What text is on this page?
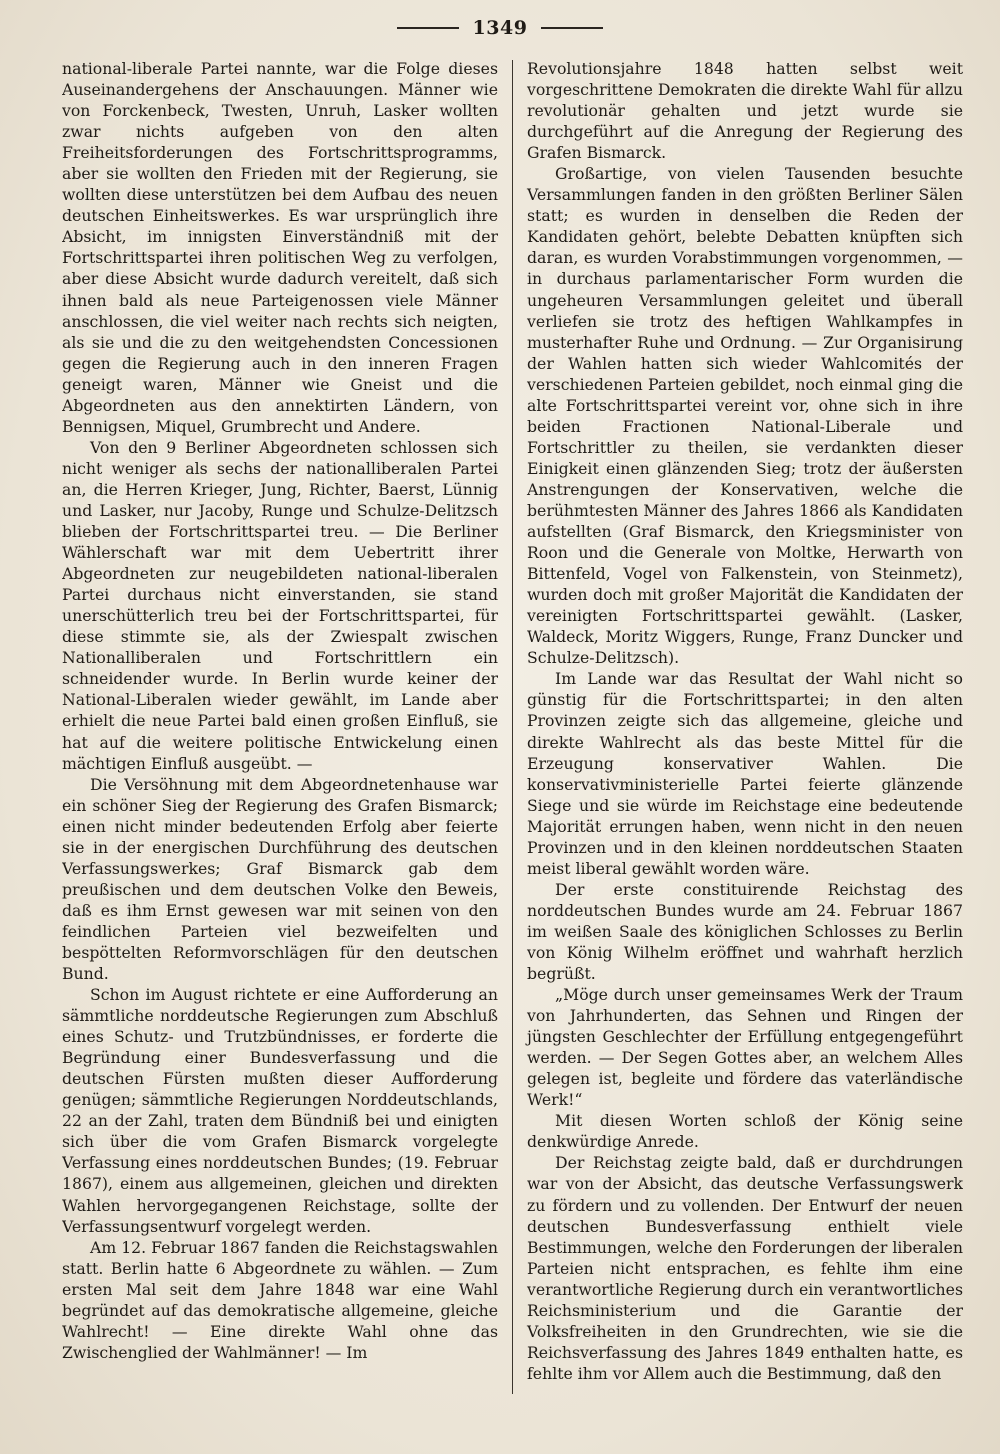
1349

national-liberale Partei nannte, war die Folge dieses Auseinandergehens der Anschauungen. Männer wie von Forckenbeck, Twesten, Unruh, Lasker wollten zwar nichts aufgeben von den alten Freiheitsforderungen des Fortschrittsprogramms, aber sie wollten den Frieden mit der Regierung, sie wollten diese unterstützen bei dem Aufbau des neuen deutschen Einheitswerkes. Es war ursprünglich ihre Absicht, im innigsten Einverständniß mit der Fortschrittspartei ihren politischen Weg zu verfolgen, aber diese Absicht wurde dadurch vereitelt, daß sich ihnen bald als neue Parteigenossen viele Männer anschlossen, die viel weiter nach rechts sich neigten, als sie und die zu den weitgehendsten Concessionen gegen die Regierung auch in den inneren Fragen geneigt waren, Männer wie Gneist und die Abgeordneten aus den annektirten Ländern, von Bennigsen, Miquel, Grumbrecht und Andere.

Von den 9 Berliner Abgeordneten schlossen sich nicht weniger als sechs der nationalliberalen Partei an, die Herren Krieger, Jung, Richter, Baerst, Lünnig und Lasker, nur Jacoby, Runge und Schulze-Delitzsch blieben der Fortschrittspartei treu. — Die Berliner Wählerschaft war mit dem Uebertritt ihrer Abgeordneten zur neugebildeten national-liberalen Partei durchaus nicht einverstanden, sie stand unerschütterlich treu bei der Fortschrittspartei, für diese stimmte sie, als der Zwiespalt zwischen Nationalliberalen und Fortschrittlern ein schneidender wurde. In Berlin wurde keiner der National-Liberalen wieder gewählt, im Lande aber erhielt die neue Partei bald einen großen Einfluß, sie hat auf die weitere politische Entwickelung einen mächtigen Einfluß ausgeübt. —

Die Versöhnung mit dem Abgeordnetenhause war ein schöner Sieg der Regierung des Grafen Bismarck; einen nicht minder bedeutenden Erfolg aber feierte sie in der energischen Durchführung des deutschen Verfassungswerkes; Graf Bismarck gab dem preußischen und dem deutschen Volke den Beweis, daß es ihm Ernst gewesen war mit seinen von den feindlichen Parteien viel bezweifelten und bespöttelten Reformvorschlägen für den deutschen Bund.

Schon im August richtete er eine Aufforderung an sämmtliche norddeutsche Regierungen zum Abschluß eines Schutz- und Trutzbündnisses, er forderte die Begründung einer Bundesverfassung und die deutschen Fürsten mußten dieser Aufforderung genügen; sämmtliche Regierungen Norddeutschlands, 22 an der Zahl, traten dem Bündniß bei und einigten sich über die vom Grafen Bismarck vorgelegte Verfassung eines norddeutschen Bundes; (19. Februar 1867), einem aus allgemeinen, gleichen und direkten Wahlen hervorgegangenen Reichstage, sollte der Verfassungsentwurf vorgelegt werden.

Am 12. Februar 1867 fanden die Reichstagswahlen statt. Berlin hatte 6 Abgeordnete zu wählen. — Zum ersten Mal seit dem Jahre 1848 war eine Wahl begründet auf das demokratische allgemeine, gleiche Wahlrecht! — Eine direkte Wahl ohne das Zwischenglied der Wahlmänner! — Im

Revolutionsjahre 1848 hatten selbst weit vorgeschrittene Demokraten die direkte Wahl für allzu revolutionär gehalten und jetzt wurde sie durchgeführt auf die Anregung der Regierung des Grafen Bismarck.

Großartige, von vielen Tausenden besuchte Versammlungen fanden in den größten Berliner Sälen statt; es wurden in denselben die Reden der Kandidaten gehört, belebte Debatten knüpften sich daran, es wurden Vorabstimmungen vorgenommen, — in durchaus parlamentarischer Form wurden die ungeheuren Versammlungen geleitet und überall verliefen sie trotz des heftigen Wahlkampfes in musterhafter Ruhe und Ordnung. — Zur Organisirung der Wahlen hatten sich wieder Wahlcomités der verschiedenen Parteien gebildet, noch einmal ging die alte Fortschrittspartei vereint vor, ohne sich in ihre beiden Fractionen National-Liberale und Fortschrittler zu theilen, sie verdankten dieser Einigkeit einen glänzenden Sieg; trotz der äußersten Anstrengungen der Konservativen, welche die berühmtesten Männer des Jahres 1866 als Kandidaten aufstellten (Graf Bismarck, den Kriegsminister von Roon und die Generale von Moltke, Herwarth von Bittenfeld, Vogel von Falkenstein, von Steinmetz), wurden doch mit großer Majorität die Kandidaten der vereinigten Fortschrittspartei gewählt. (Lasker, Waldeck, Moritz Wiggers, Runge, Franz Duncker und Schulze-Delitzsch).

Im Lande war das Resultat der Wahl nicht so günstig für die Fortschrittspartei; in den alten Provinzen zeigte sich das allgemeine, gleiche und direkte Wahlrecht als das beste Mittel für die Erzeugung konservativer Wahlen. Die konservativministerielle Partei feierte glänzende Siege und sie würde im Reichstage eine bedeutende Majorität errungen haben, wenn nicht in den neuen Provinzen und in den kleinen norddeutschen Staaten meist liberal gewählt worden wäre.

Der erste constituirende Reichstag des norddeutschen Bundes wurde am 24. Februar 1867 im weißen Saale des königlichen Schlosses zu Berlin von König Wilhelm eröffnet und wahrhaft herzlich begrüßt.

„Möge durch unser gemeinsames Werk der Traum von Jahrhunderten, das Sehnen und Ringen der jüngsten Geschlechter der Erfüllung entgegengeführt werden. — Der Segen Gottes aber, an welchem Alles gelegen ist, begleite und fördere das vaterländische Werk!“

Mit diesen Worten schloß der König seine denkwürdige Anrede.

Der Reichstag zeigte bald, daß er durchdrungen war von der Absicht, das deutsche Verfassungswerk zu fördern und zu vollenden. Der Entwurf der neuen deutschen Bundesverfassung enthielt viele Bestimmungen, welche den Forderungen der liberalen Parteien nicht entsprachen, es fehlte ihm eine verantwortliche Regierung durch ein verantwortliches Reichsministerium und die Garantie der Volksfreiheiten in den Grundrechten, wie sie die Reichsverfassung des Jahres 1849 enthalten hatte, es fehlte ihm vor Allem auch die Bestimmung, daß den
